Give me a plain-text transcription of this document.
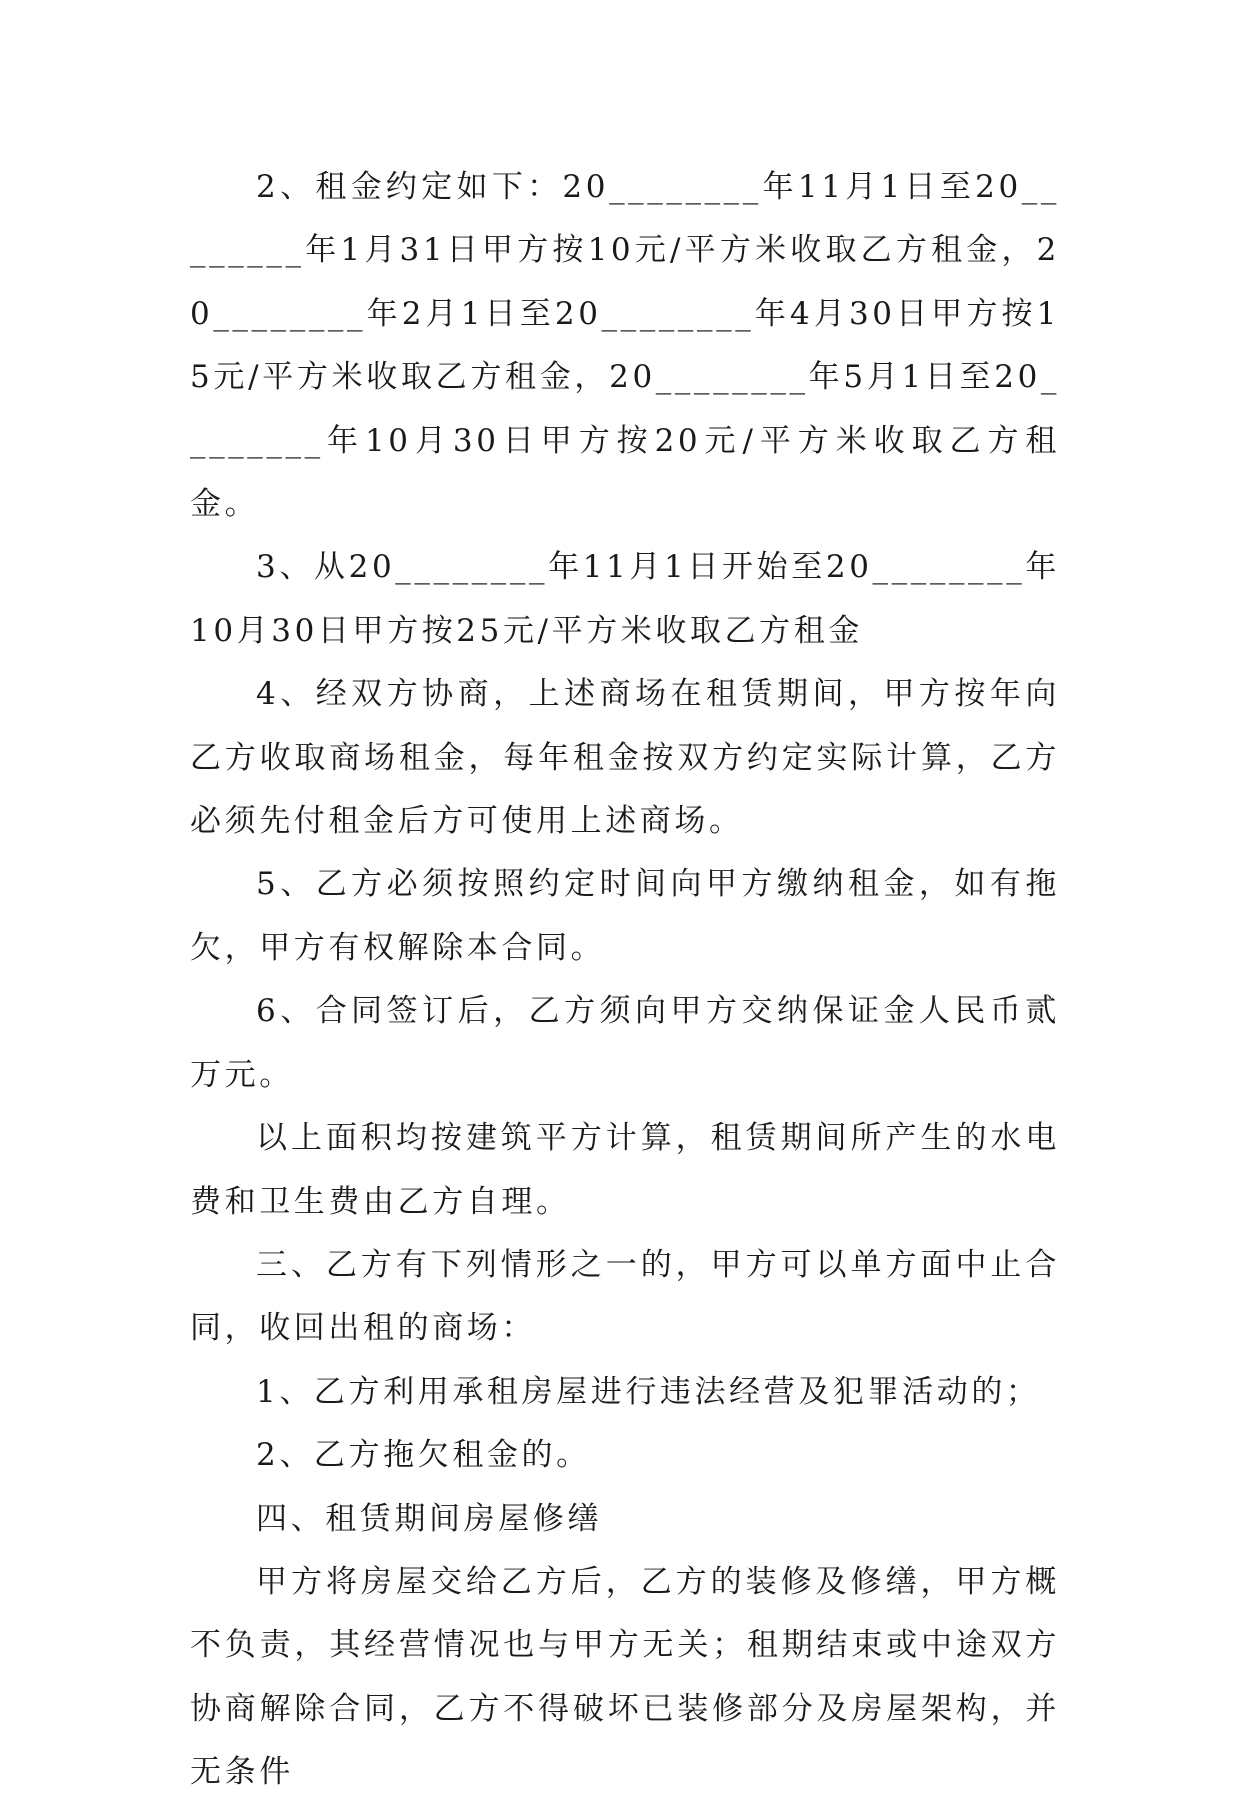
2、租金约定如下：20________年11月1日至20________年1月31日甲方按10元/平方米收取乙方租金，20________年2月1日至20________年4月30日甲方按15元/平方米收取乙方租金，20________年5月1日至20________年10月30日甲方按20元/平方米收取乙方租金。

3、从20________年11月1日开始至20________年10月30日甲方按25元/平方米收取乙方租金

4、经双方协商，上述商场在租赁期间，甲方按年向乙方收取商场租金，每年租金按双方约定实际计算，乙方必须先付租金后方可使用上述商场。

5、乙方必须按照约定时间向甲方缴纳租金，如有拖欠，甲方有权解除本合同。

6、合同签订后，乙方须向甲方交纳保证金人民币贰万元。

以上面积均按建筑平方计算，租赁期间所产生的水电费和卫生费由乙方自理。

三、乙方有下列情形之一的，甲方可以单方面中止合同，收回出租的商场：

1、乙方利用承租房屋进行违法经营及犯罪活动的；

2、乙方拖欠租金的。

四、租赁期间房屋修缮

甲方将房屋交给乙方后，乙方的装修及修缮，甲方概不负责，其经营情况也与甲方无关；租期结束或中途双方协商解除合同，乙方不得破坏已装修部分及房屋架构，并无条件
